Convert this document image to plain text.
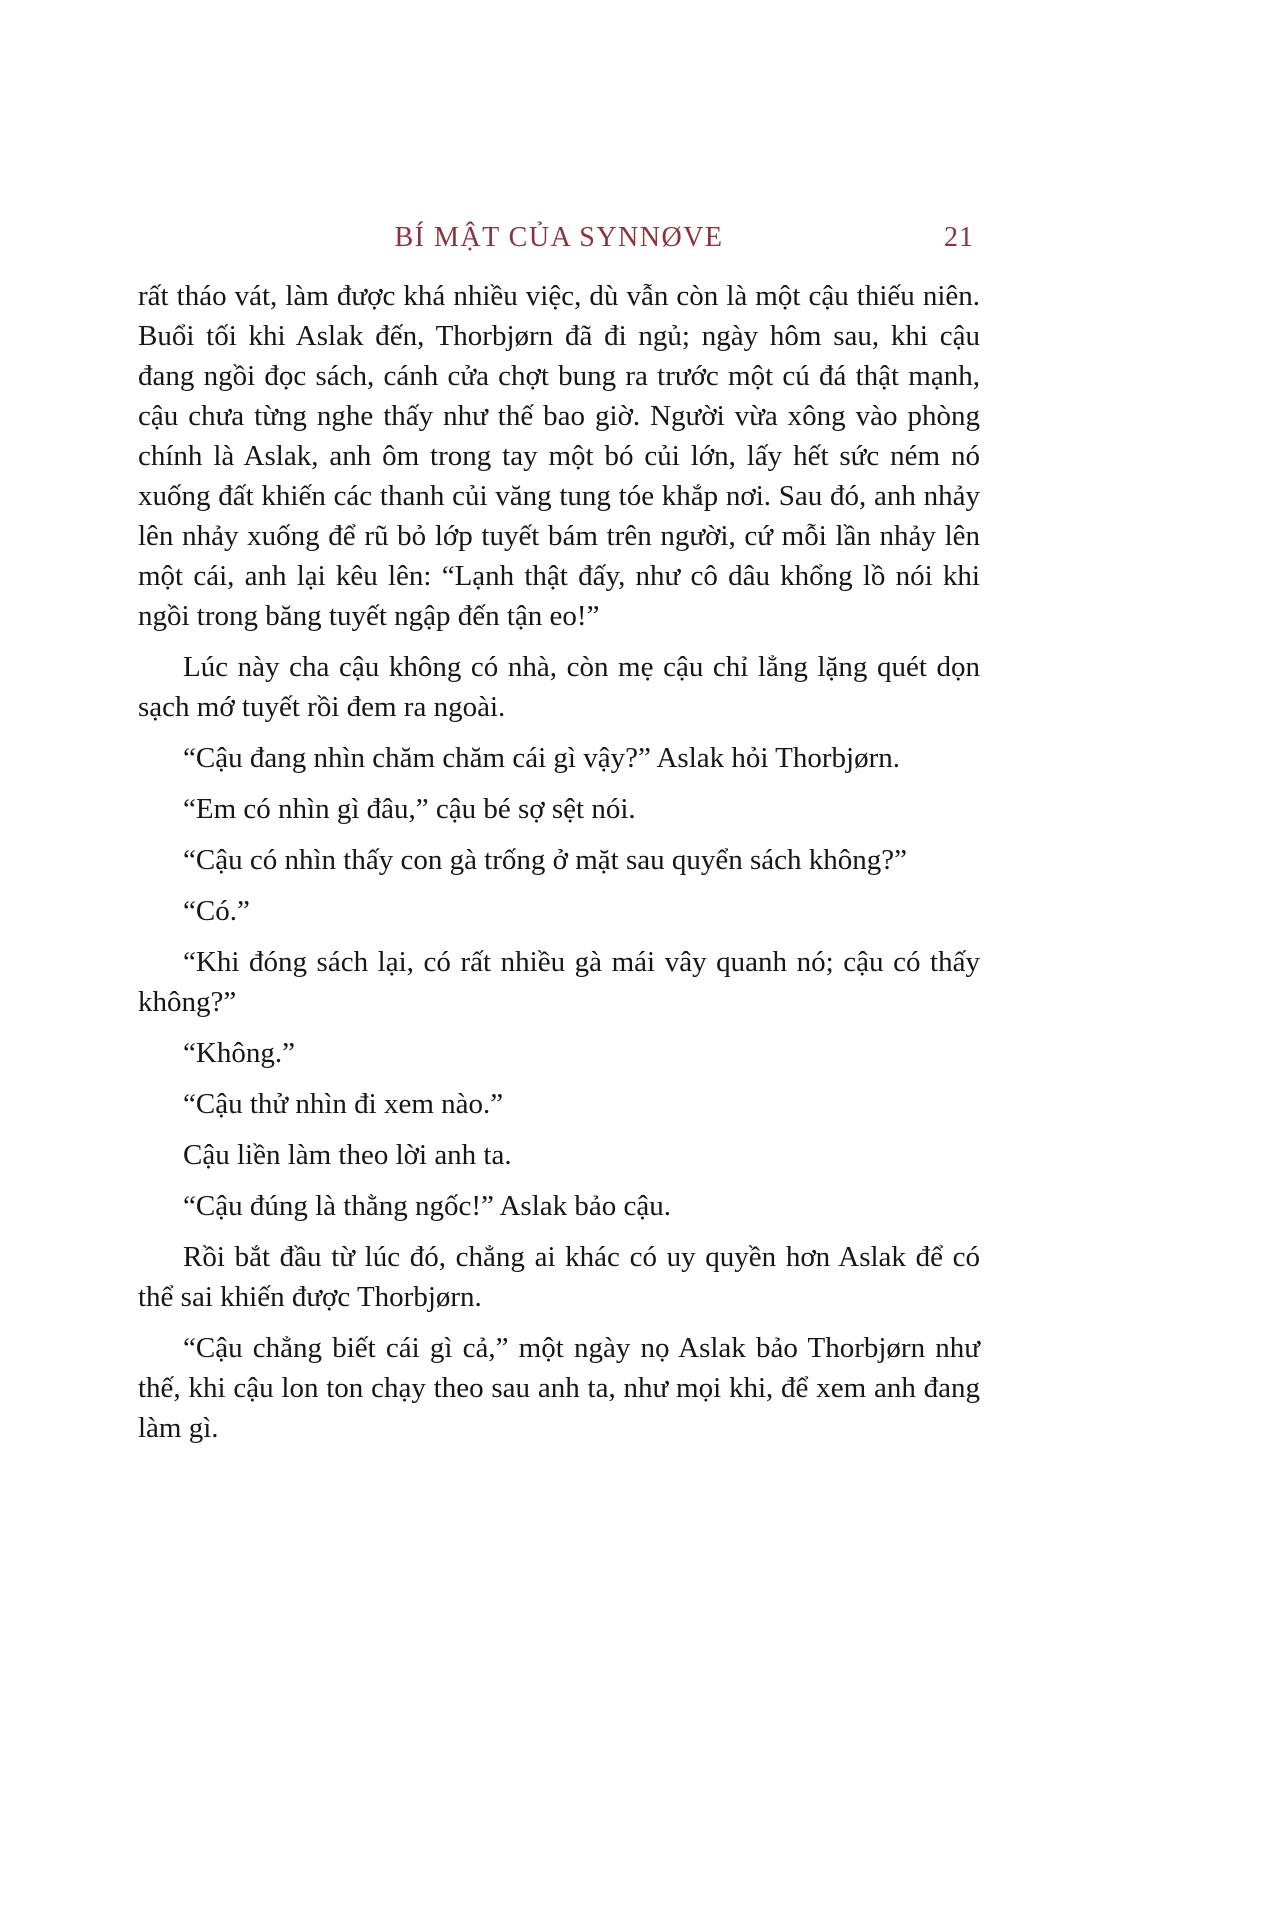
BÍ MẬT CỦA SYNNØVE	21

rất tháo vát, làm được khá nhiều việc, dù vẫn còn là một cậu thiếu niên. Buổi tối khi Aslak đến, Thorbjørn đã đi ngủ; ngày hôm sau, khi cậu đang ngồi đọc sách, cánh cửa chợt bung ra trước một cú đá thật mạnh, cậu chưa từng nghe thấy như thế bao giờ. Người vừa xông vào phòng chính là Aslak, anh ôm trong tay một bó củi lớn, lấy hết sức ném nó xuống đất khiến các thanh củi văng tung tóe khắp nơi. Sau đó, anh nhảy lên nhảy xuống để rũ bỏ lớp tuyết bám trên người, cứ mỗi lần nhảy lên một cái, anh lại kêu lên: “Lạnh thật đấy, như cô dâu khổng lồ nói khi ngồi trong băng tuyết ngập đến tận eo!”

Lúc này cha cậu không có nhà, còn mẹ cậu chỉ lẳng lặng quét dọn sạch mớ tuyết rồi đem ra ngoài.

“Cậu đang nhìn chăm chăm cái gì vậy?” Aslak hỏi Thorbjørn.

“Em có nhìn gì đâu,” cậu bé sợ sệt nói.

“Cậu có nhìn thấy con gà trống ở mặt sau quyển sách không?”

“Có.”

“Khi đóng sách lại, có rất nhiều gà mái vây quanh nó; cậu có thấy không?”

“Không.”

“Cậu thử nhìn đi xem nào.”

Cậu liền làm theo lời anh ta.

“Cậu đúng là thằng ngốc!” Aslak bảo cậu.

Rồi bắt đầu từ lúc đó, chẳng ai khác có uy quyền hơn Aslak để có thể sai khiến được Thorbjørn.

“Cậu chẳng biết cái gì cả,” một ngày nọ Aslak bảo Thorbjørn như thế, khi cậu lon ton chạy theo sau anh ta, như mọi khi, để xem anh đang làm gì.
